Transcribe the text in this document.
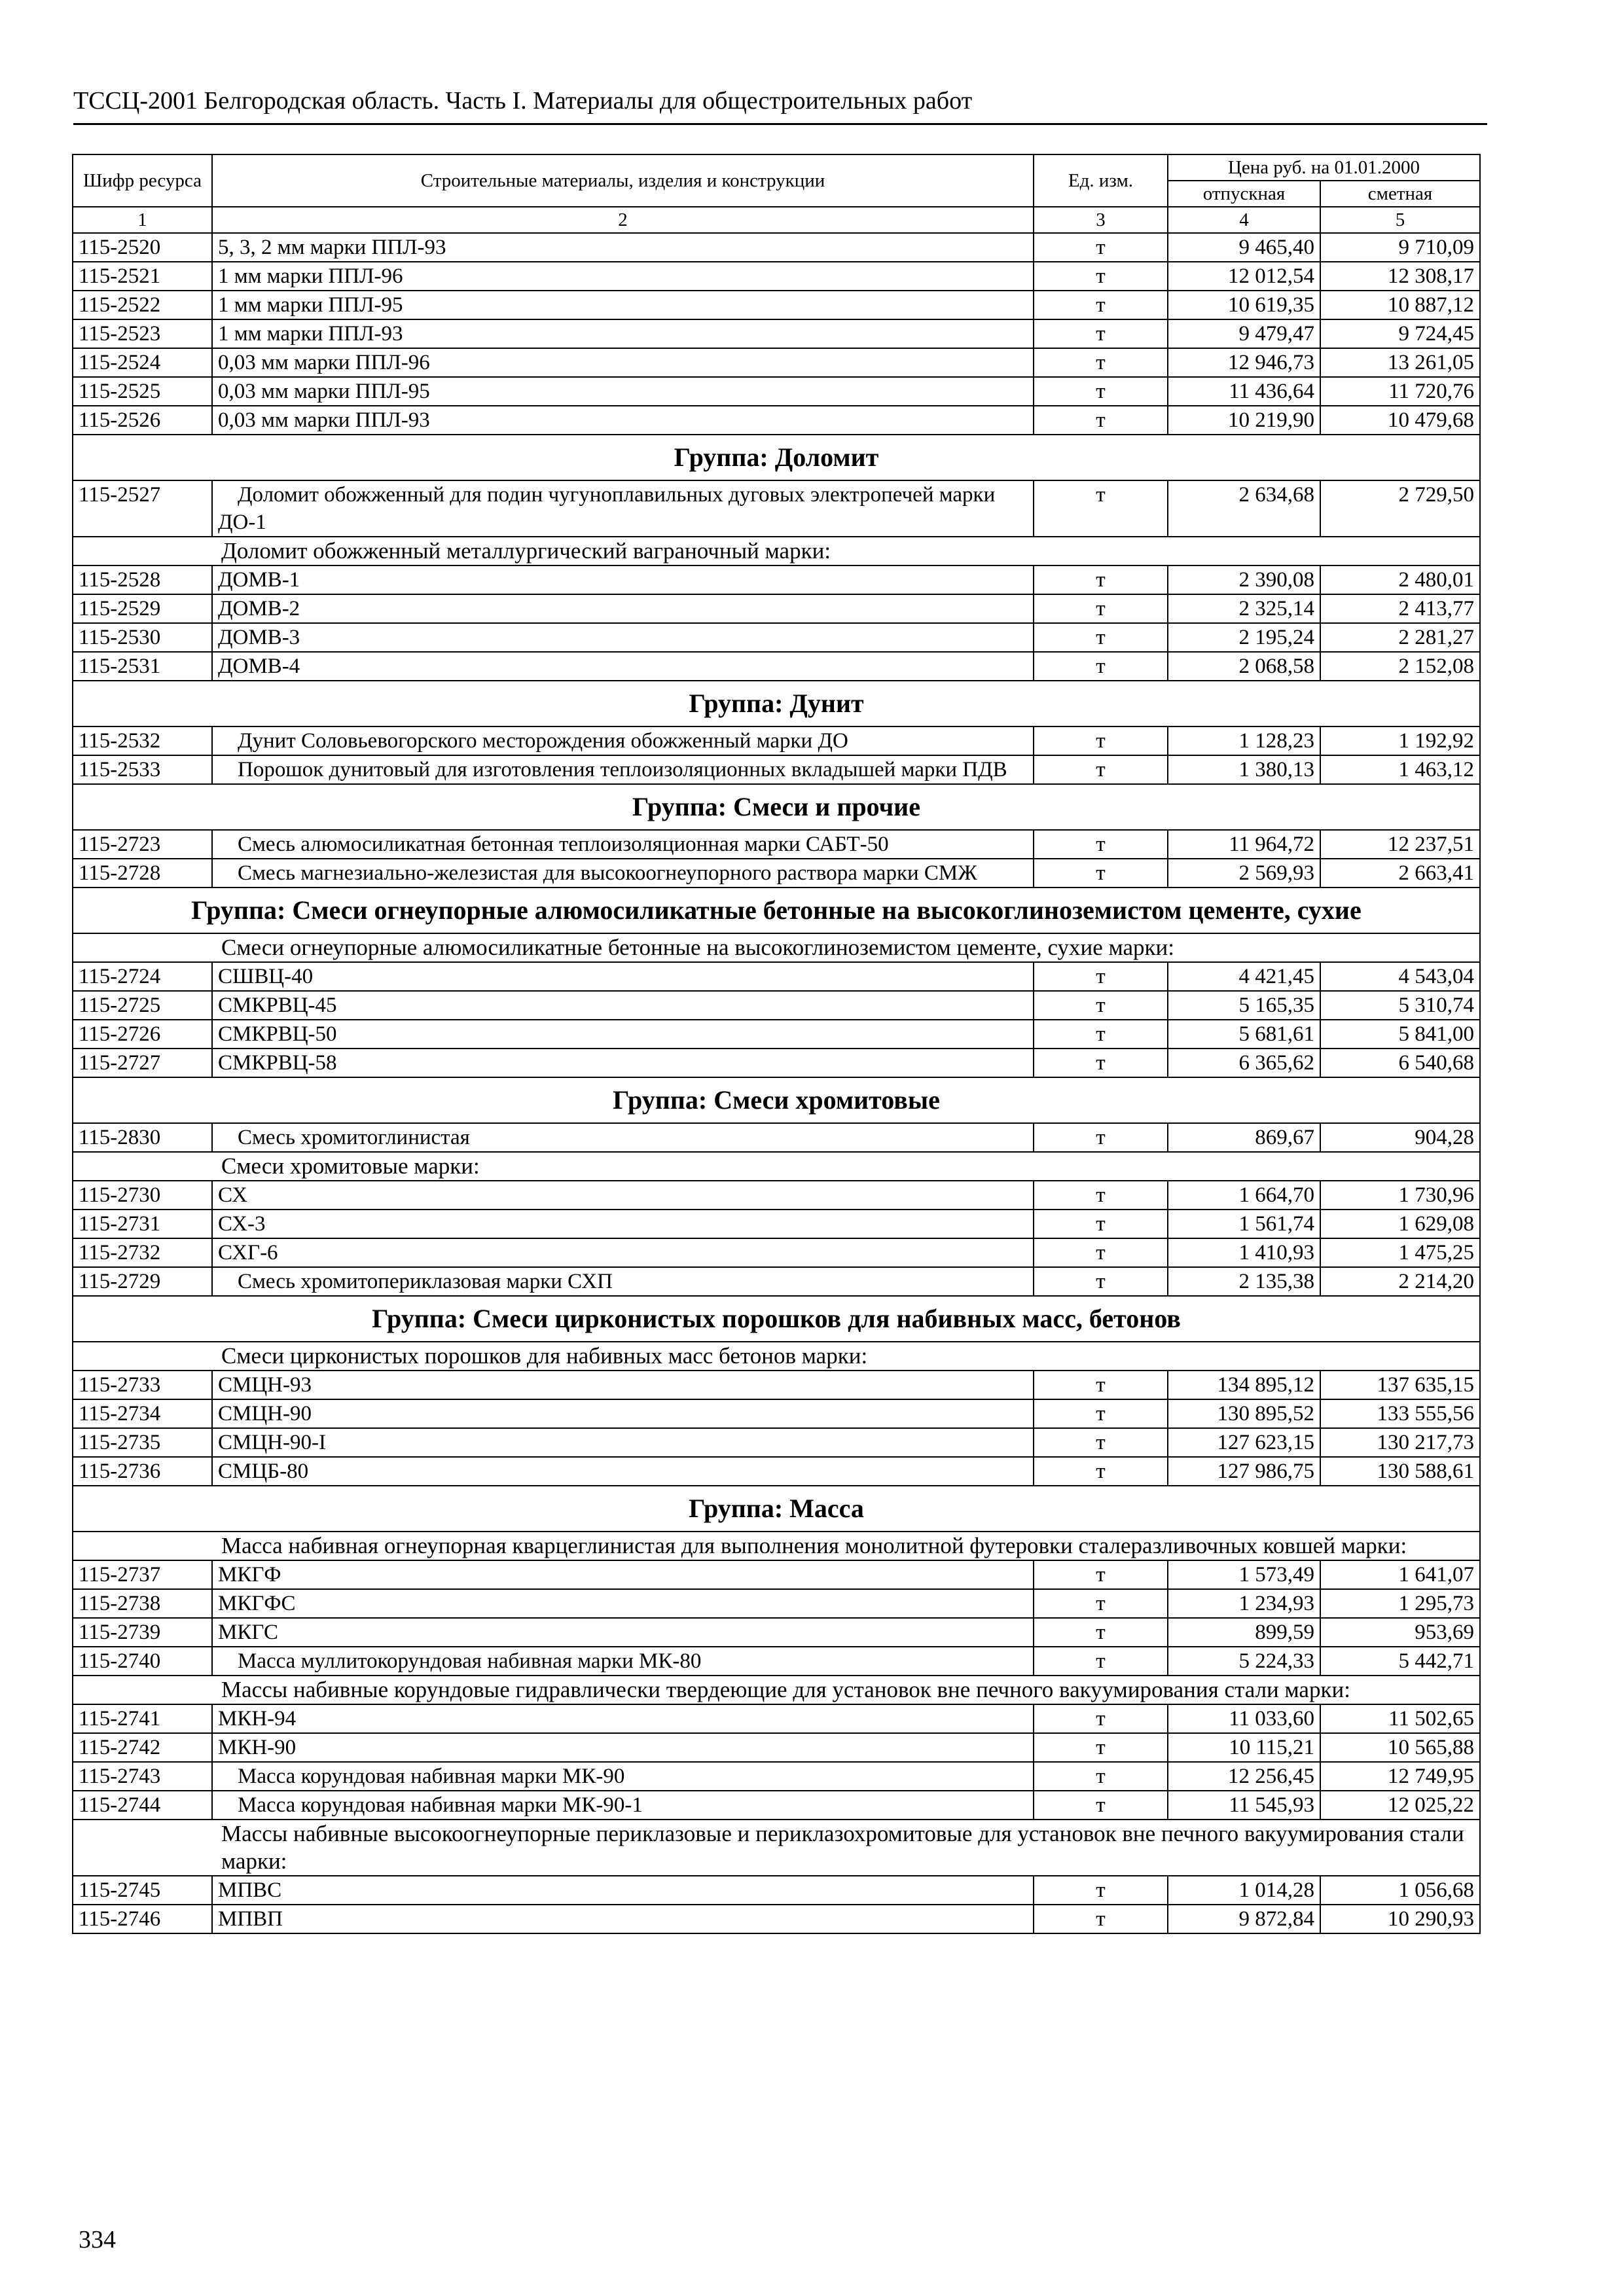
ТССЦ-2001 Белгородская область. Часть I. Материалы для общестроительных работ
Шифр ресурса	Строительные материалы, изделия и конструкции	Ед. изм.	Цена руб. на 01.01.2000	
			отпускная	сметная
1	2	3	4	5
115-2520	5, 3, 2 мм марки ППЛ-93	т	9 465,40	9 710,09
115-2521	1 мм марки ППЛ-96	т	12 012,54	12 308,17
115-2522	1 мм марки ППЛ-95	т	10 619,35	10 887,12
115-2523	1 мм марки ППЛ-93	т	9 479,47	9 724,45
115-2524	0,03 мм марки ППЛ-96	т	12 946,73	13 261,05
115-2525	0,03 мм марки ППЛ-95	т	11 436,64	11 720,76
115-2526	0,03 мм марки ППЛ-93	т	10 219,90	10 479,68
Группа: Доломит				
115-2527	Доломит обожженный для подин чугуноплавильных дуговых электропечей марки ДО-1	т	2 634,68	2 729,50
Доломит обожженный металлургический ваграночный марки:				
115-2528	ДОМВ-1	т	2 390,08	2 480,01
115-2529	ДОМВ-2	т	2 325,14	2 413,77
115-2530	ДОМВ-3	т	2 195,24	2 281,27
115-2531	ДОМВ-4	т	2 068,58	2 152,08
Группа: Дунит				
115-2532	Дунит Соловьевогорского месторождения обожженный марки ДО	т	1 128,23	1 192,92
115-2533	Порошок дунитовый для изготовления теплоизоляционных вкладышей марки ПДВ	т	1 380,13	1 463,12
Группа: Смеси и прочие				
115-2723	Смесь алюмосиликатная бетонная теплоизоляционная марки САБТ-50	т	11 964,72	12 237,51
115-2728	Смесь магнезиально-железистая для высокоогнеупорного раствора марки СМЖ	т	2 569,93	2 663,41
Группа: Смеси огнеупорные алюмосиликатные бетонные на высокоглиноземистом цементе, сухие				
Смеси огнеупорные алюмосиликатные бетонные на высокоглиноземистом цементе, сухие марки:				
115-2724	СШВЦ-40	т	4 421,45	4 543,04
115-2725	СМКРВЦ-45	т	5 165,35	5 310,74
115-2726	СМКРВЦ-50	т	5 681,61	5 841,00
115-2727	СМКРВЦ-58	т	6 365,62	6 540,68
Группа: Смеси хромитовые				
115-2830	Смесь хромитоглинистая	т	869,67	904,28
Смеси хромитовые марки:				
115-2730	СХ	т	1 664,70	1 730,96
115-2731	СХ-3	т	1 561,74	1 629,08
115-2732	СХГ-6	т	1 410,93	1 475,25
115-2729	Смесь хромитопериклазовая марки СХП	т	2 135,38	2 214,20
Группа: Смеси цирконистых порошков для набивных масс, бетонов				
Смеси цирконистых порошков для набивных масс бетонов марки:				
115-2733	СМЦН-93	т	134 895,12	137 635,15
115-2734	СМЦН-90	т	130 895,52	133 555,56
115-2735	СМЦН-90-I	т	127 623,15	130 217,73
115-2736	СМЦБ-80	т	127 986,75	130 588,61
Группа: Масса				
Масса набивная огнеупорная кварцеглинистая для выполнения монолитной футеровки сталеразливочных ковшей марки:				
115-2737	МКГФ	т	1 573,49	1 641,07
115-2738	МКГФС	т	1 234,93	1 295,73
115-2739	МКГС	т	899,59	953,69
115-2740	Масса муллитокорундовая набивная марки МК-80	т	5 224,33	5 442,71
Массы набивные корундовые гидравлически твердеющие для установок вне печного вакуумирования стали марки:				
115-2741	МКН-94	т	11 033,60	11 502,65
115-2742	МКН-90	т	10 115,21	10 565,88
115-2743	Масса корундовая набивная марки МК-90	т	12 256,45	12 749,95
115-2744	Масса корундовая набивная марки МК-90-1	т	11 545,93	12 025,22
Массы набивные высокоогнеупорные периклазовые и периклазохромитовые для установок вне печного вакуумирования стали марки:				
115-2745	МПВС	т	1 014,28	1 056,68
115-2746	МПВП	т	9 872,84	10 290,93
334
